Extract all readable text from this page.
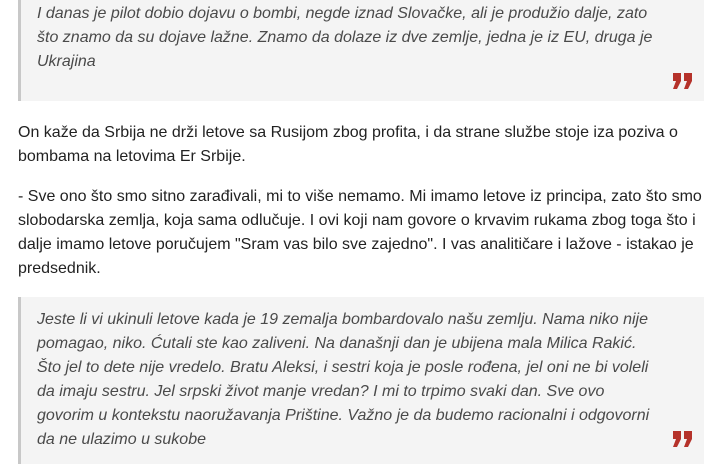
I danas je pilot dobio dojavu o bombi, negde iznad Slovačke, ali je produžio dalje, zato što znamo da su dojave lažne. Znamo da dolaze iz dve zemlje, jedna je iz EU, druga je Ukrajina

On kaže da Srbija ne drži letove sa Rusijom zbog profita, i da strane službe stoje iza poziva o bombama na letovima Er Srbije.

- Sve ono što smo sitno zarađivali, mi to više nemamo. Mi imamo letove iz principa, zato što smo slobodarska zemlja, koja sama odlučuje. I ovi koji nam govore o krvavim rukama zbog toga što i dalje imamo letove poručujem "Sram vas bilo sve zajedno". I vas analitičare i lažove - istakao je predsednik.

Jeste li vi ukinuli letove kada je 19 zemalja bombardovalo našu zemlju. Nama niko nije pomagao, niko. Ćutali ste kao zaliveni. Na današnji dan je ubijena mala Milica Rakić. Što jel to dete nije vredelo. Bratu Aleksi, i sestri koja je posle rođena, jel oni ne bi voleli da imaju sestru. Jel srpski život manje vredan? I mi to trpimo svaki dan. Sve ovo govorim u kontekstu naoružavanja Prištine. Važno je da budemo racionalni i odgovorni da ne ulazimo u sukobe
